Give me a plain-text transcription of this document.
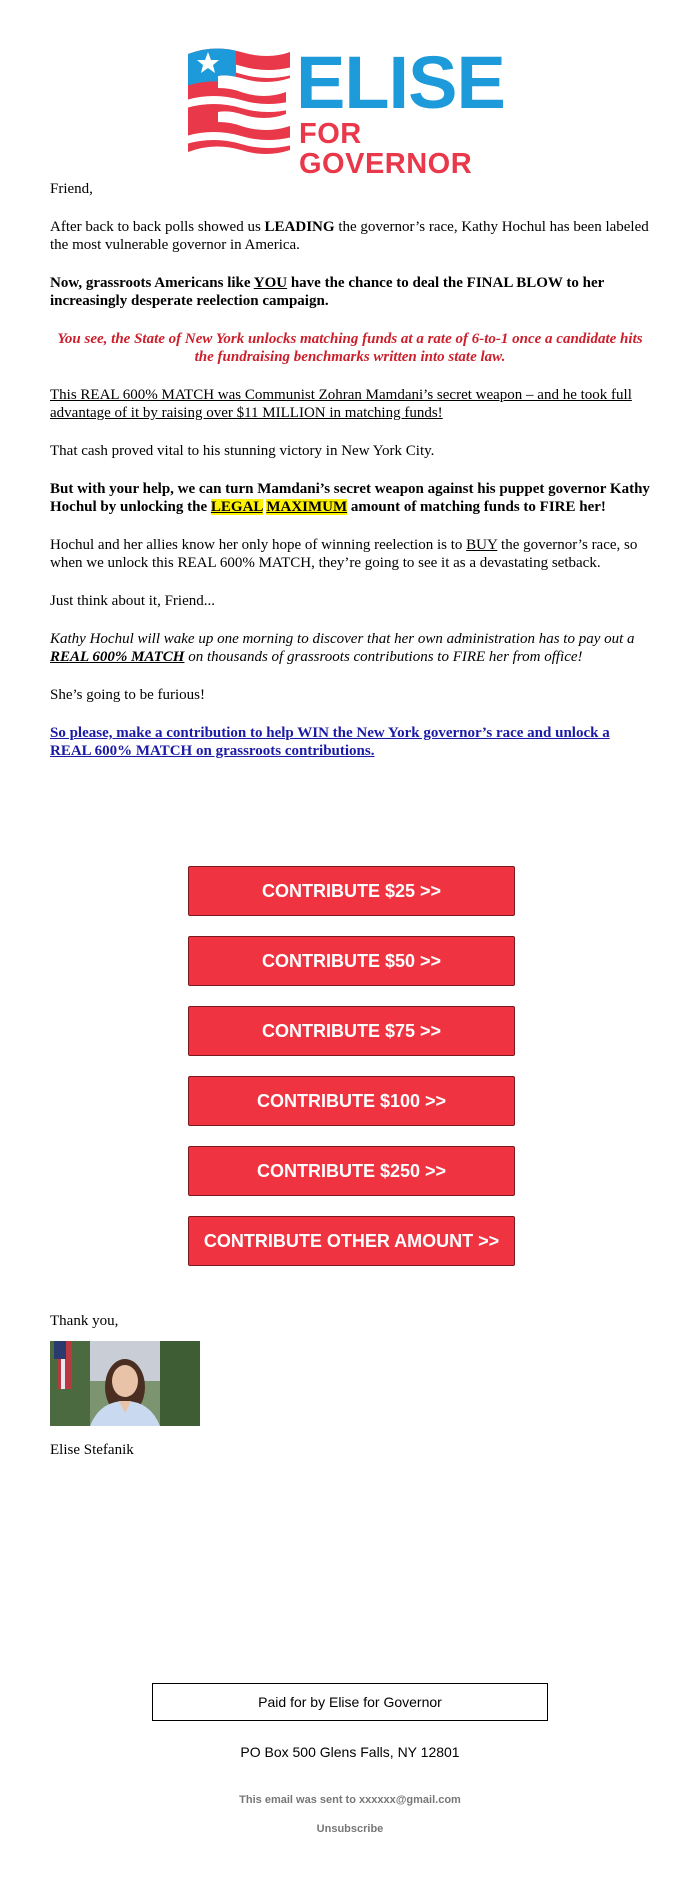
ELISE
FOR GOVERNOR

Friend,

After back to back polls showed us LEADING the governor’s race, Kathy Hochul has been labeled the most vulnerable governor in America.

Now, grassroots Americans like YOU have the chance to deal the FINAL BLOW to her increasingly desperate reelection campaign.

You see, the State of New York unlocks matching funds at a rate of 6-to-1 once a candidate hits the fundraising benchmarks written into state law.

This REAL 600% MATCH was Communist Zohran Mamdani’s secret weapon – and he took full advantage of it by raising over $11 MILLION in matching funds!

That cash proved vital to his stunning victory in New York City.

But with your help, we can turn Mamdani’s secret weapon against his puppet governor Kathy Hochul by unlocking the LEGAL MAXIMUM amount of matching funds to FIRE her!

Hochul and her allies know her only hope of winning reelection is to BUY the governor’s race, so when we unlock this REAL 600% MATCH, they’re going to see it as a devastating setback.

Just think about it, Friend...

Kathy Hochul will wake up one morning to discover that her own administration has to pay out a REAL 600% MATCH on thousands of grassroots contributions to FIRE her from office!

She’s going to be furious!

So please, make a contribution to help WIN the New York governor’s race and unlock a REAL 600% MATCH on grassroots contributions.

CONTRIBUTE $25 >>
CONTRIBUTE $50 >>
CONTRIBUTE $75 >>
CONTRIBUTE $100 >>
CONTRIBUTE $250 >>
CONTRIBUTE OTHER AMOUNT >>
Thank you,
Elise Stefanik
Paid for by Elise for Governor
PO Box 500 Glens Falls, NY 12801
This email was sent to xxxxxx@gmail.com
Unsubscribe
